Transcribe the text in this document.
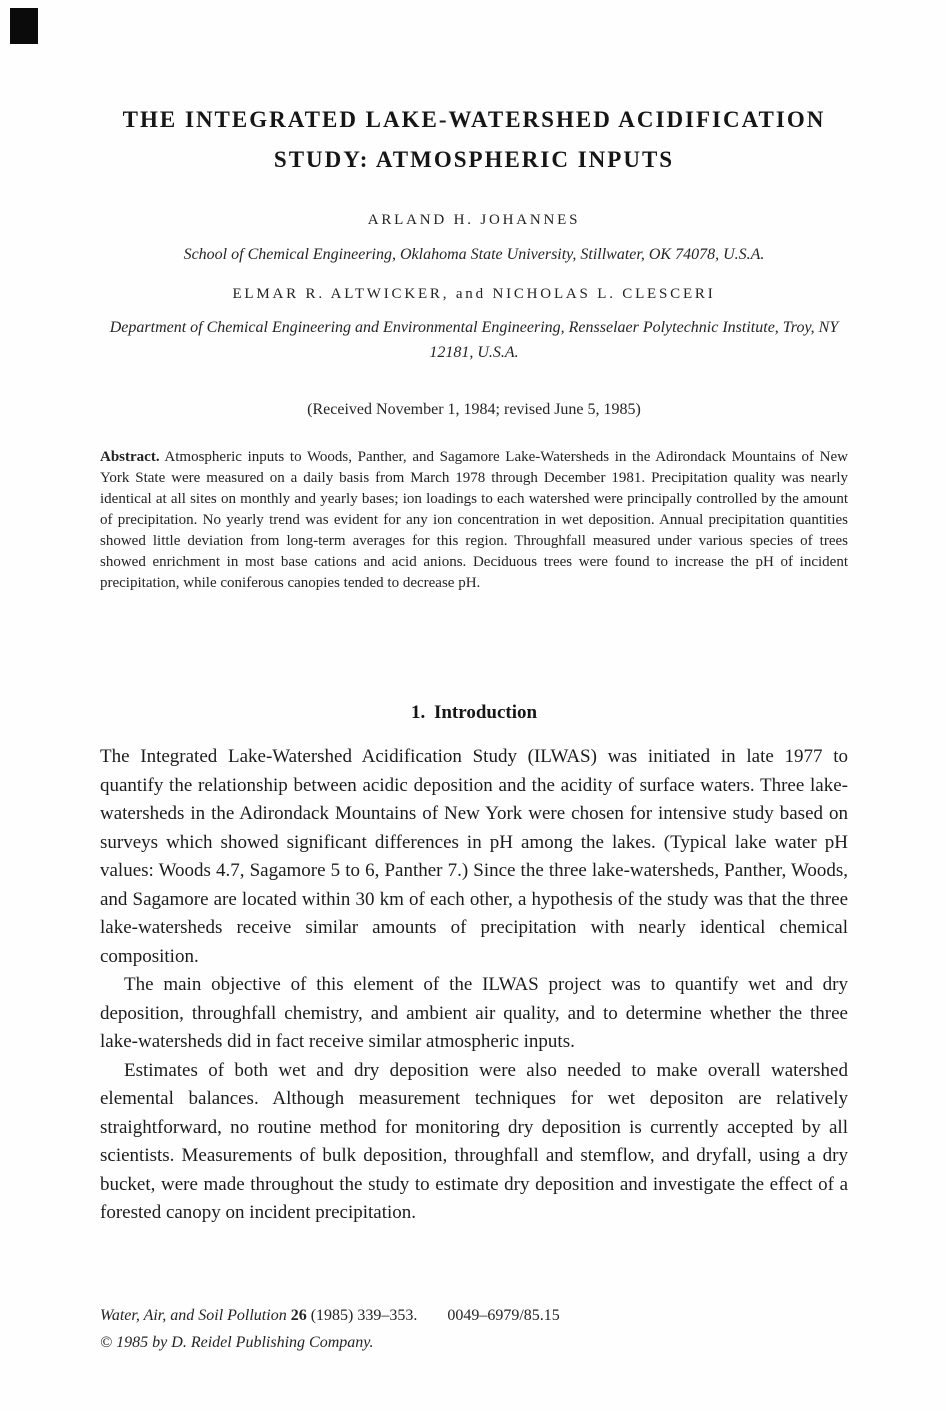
THE INTEGRATED LAKE-WATERSHED ACIDIFICATION
STUDY: ATMOSPHERIC INPUTS
ARLAND H. JOHANNES
School of Chemical Engineering, Oklahoma State University, Stillwater, OK 74078, U.S.A.
ELMAR R. ALTWICKER, and NICHOLAS L. CLESCERI
Department of Chemical Engineering and Environmental Engineering, Rensselaer Polytechnic Institute, Troy, NY 12181, U.S.A.
(Received November 1, 1984; revised June 5, 1985)

Abstract. Atmospheric inputs to Woods, Panther, and Sagamore Lake-Watersheds in the Adirondack Mountains of New York State were measured on a daily basis from March 1978 through December 1981. Precipitation quality was nearly identical at all sites on monthly and yearly bases; ion loadings to each watershed were principally controlled by the amount of precipitation. No yearly trend was evident for any ion concentration in wet deposition. Annual precipitation quantities showed little deviation from long-term averages for this region. Throughfall measured under various species of trees showed enrichment in most base cations and acid anions. Deciduous trees were found to increase the pH of incident precipitation, while coniferous canopies tended to decrease pH.

1. Introduction

The Integrated Lake-Watershed Acidification Study (ILWAS) was initiated in late 1977 to quantify the relationship between acidic deposition and the acidity of surface waters. Three lake-watersheds in the Adirondack Mountains of New York were chosen for intensive study based on surveys which showed significant differences in pH among the lakes. (Typical lake water pH values: Woods 4.7, Sagamore 5 to 6, Panther 7.) Since the three lake-watersheds, Panther, Woods, and Sagamore are located within 30 km of each other, a hypothesis of the study was that the three lake-watersheds receive similar amounts of precipitation with nearly identical chemical composition.

The main objective of this element of the ILWAS project was to quantify wet and dry deposition, throughfall chemistry, and ambient air quality, and to determine whether the three lake-watersheds did in fact receive similar atmospheric inputs.

Estimates of both wet and dry deposition were also needed to make overall watershed elemental balances. Although measurement techniques for wet depositon are relatively straightforward, no routine method for monitoring dry deposition is currently accepted by all scientists. Measurements of bulk deposition, throughfall and stemflow, and dryfall, using a dry bucket, were made throughout the study to estimate dry deposition and investigate the effect of a forested canopy on incident precipitation.

Water, Air, and Soil Pollution 26 (1985) 339–353. 0049–6979/85.15
© 1985 by D. Reidel Publishing Company.
